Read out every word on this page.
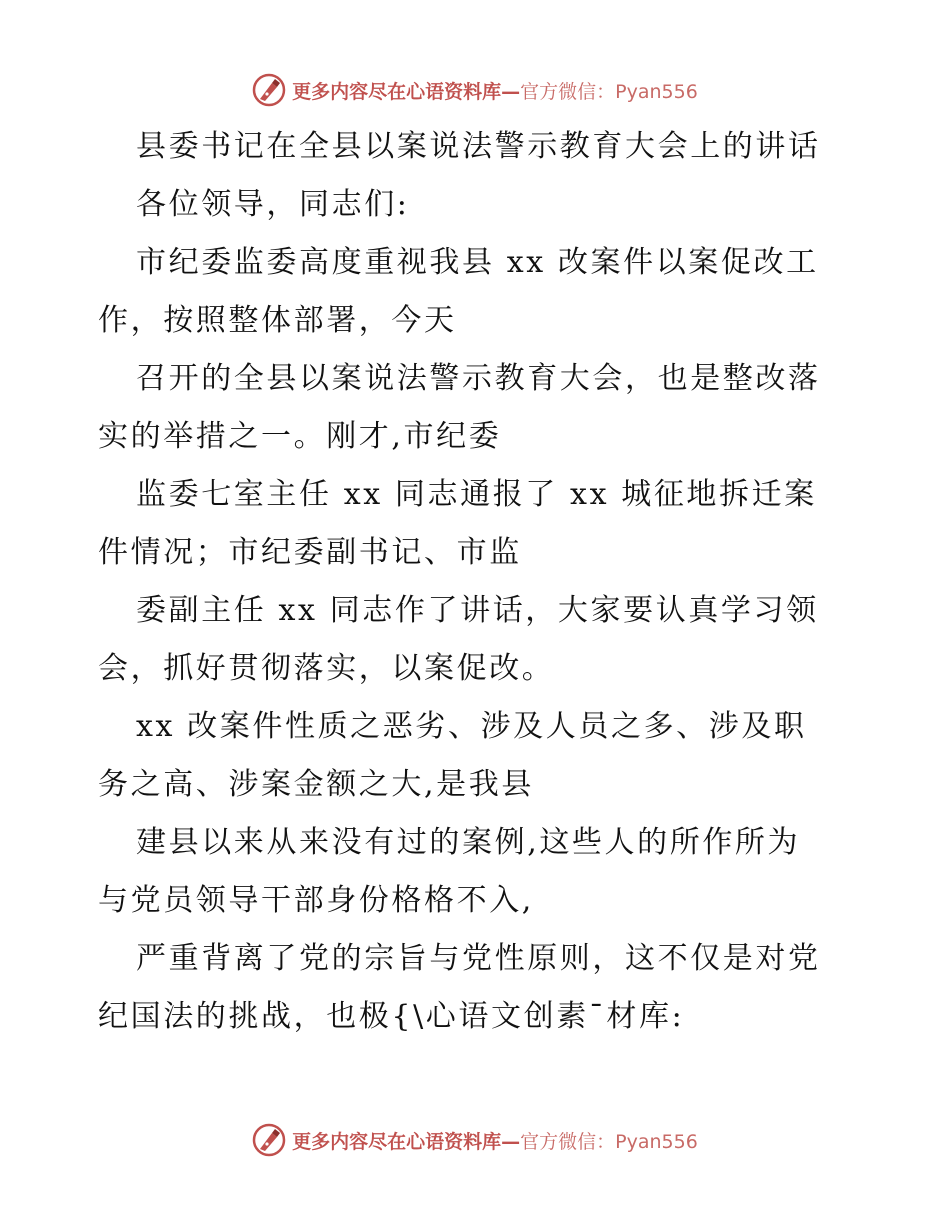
更多内容尽在心语资料库—官方微信：Pyan556
县委书记在全县以案说法警示教育大会上的讲话
各位领导，同志们:
市纪委监委高度重视我县 xx 改案件以案促改工
作，按照整体部署，今天
召开的全县以案说法警示教育大会，也是整改落
实的举措之一。刚才,市纪委
监委七室主任 xx 同志通报了 xx 城征地拆迁案
件情况；市纪委副书记、市监
委副主任 xx 同志作了讲话，大家要认真学习领
会，抓好贯彻落实，以案促改。
xx 改案件性质之恶劣、涉及人员之多、涉及职
务之高、涉案金额之大,是我县
建县以来从来没有过的案例,这些人的所作所为
与党员领导干部身份格格不入,
严重背离了党的宗旨与党性原则，这不仅是对党
纪国法的挑战，也极{\心语文创素¯材库:
更多内容尽在心语资料库—官方微信：Pyan556
